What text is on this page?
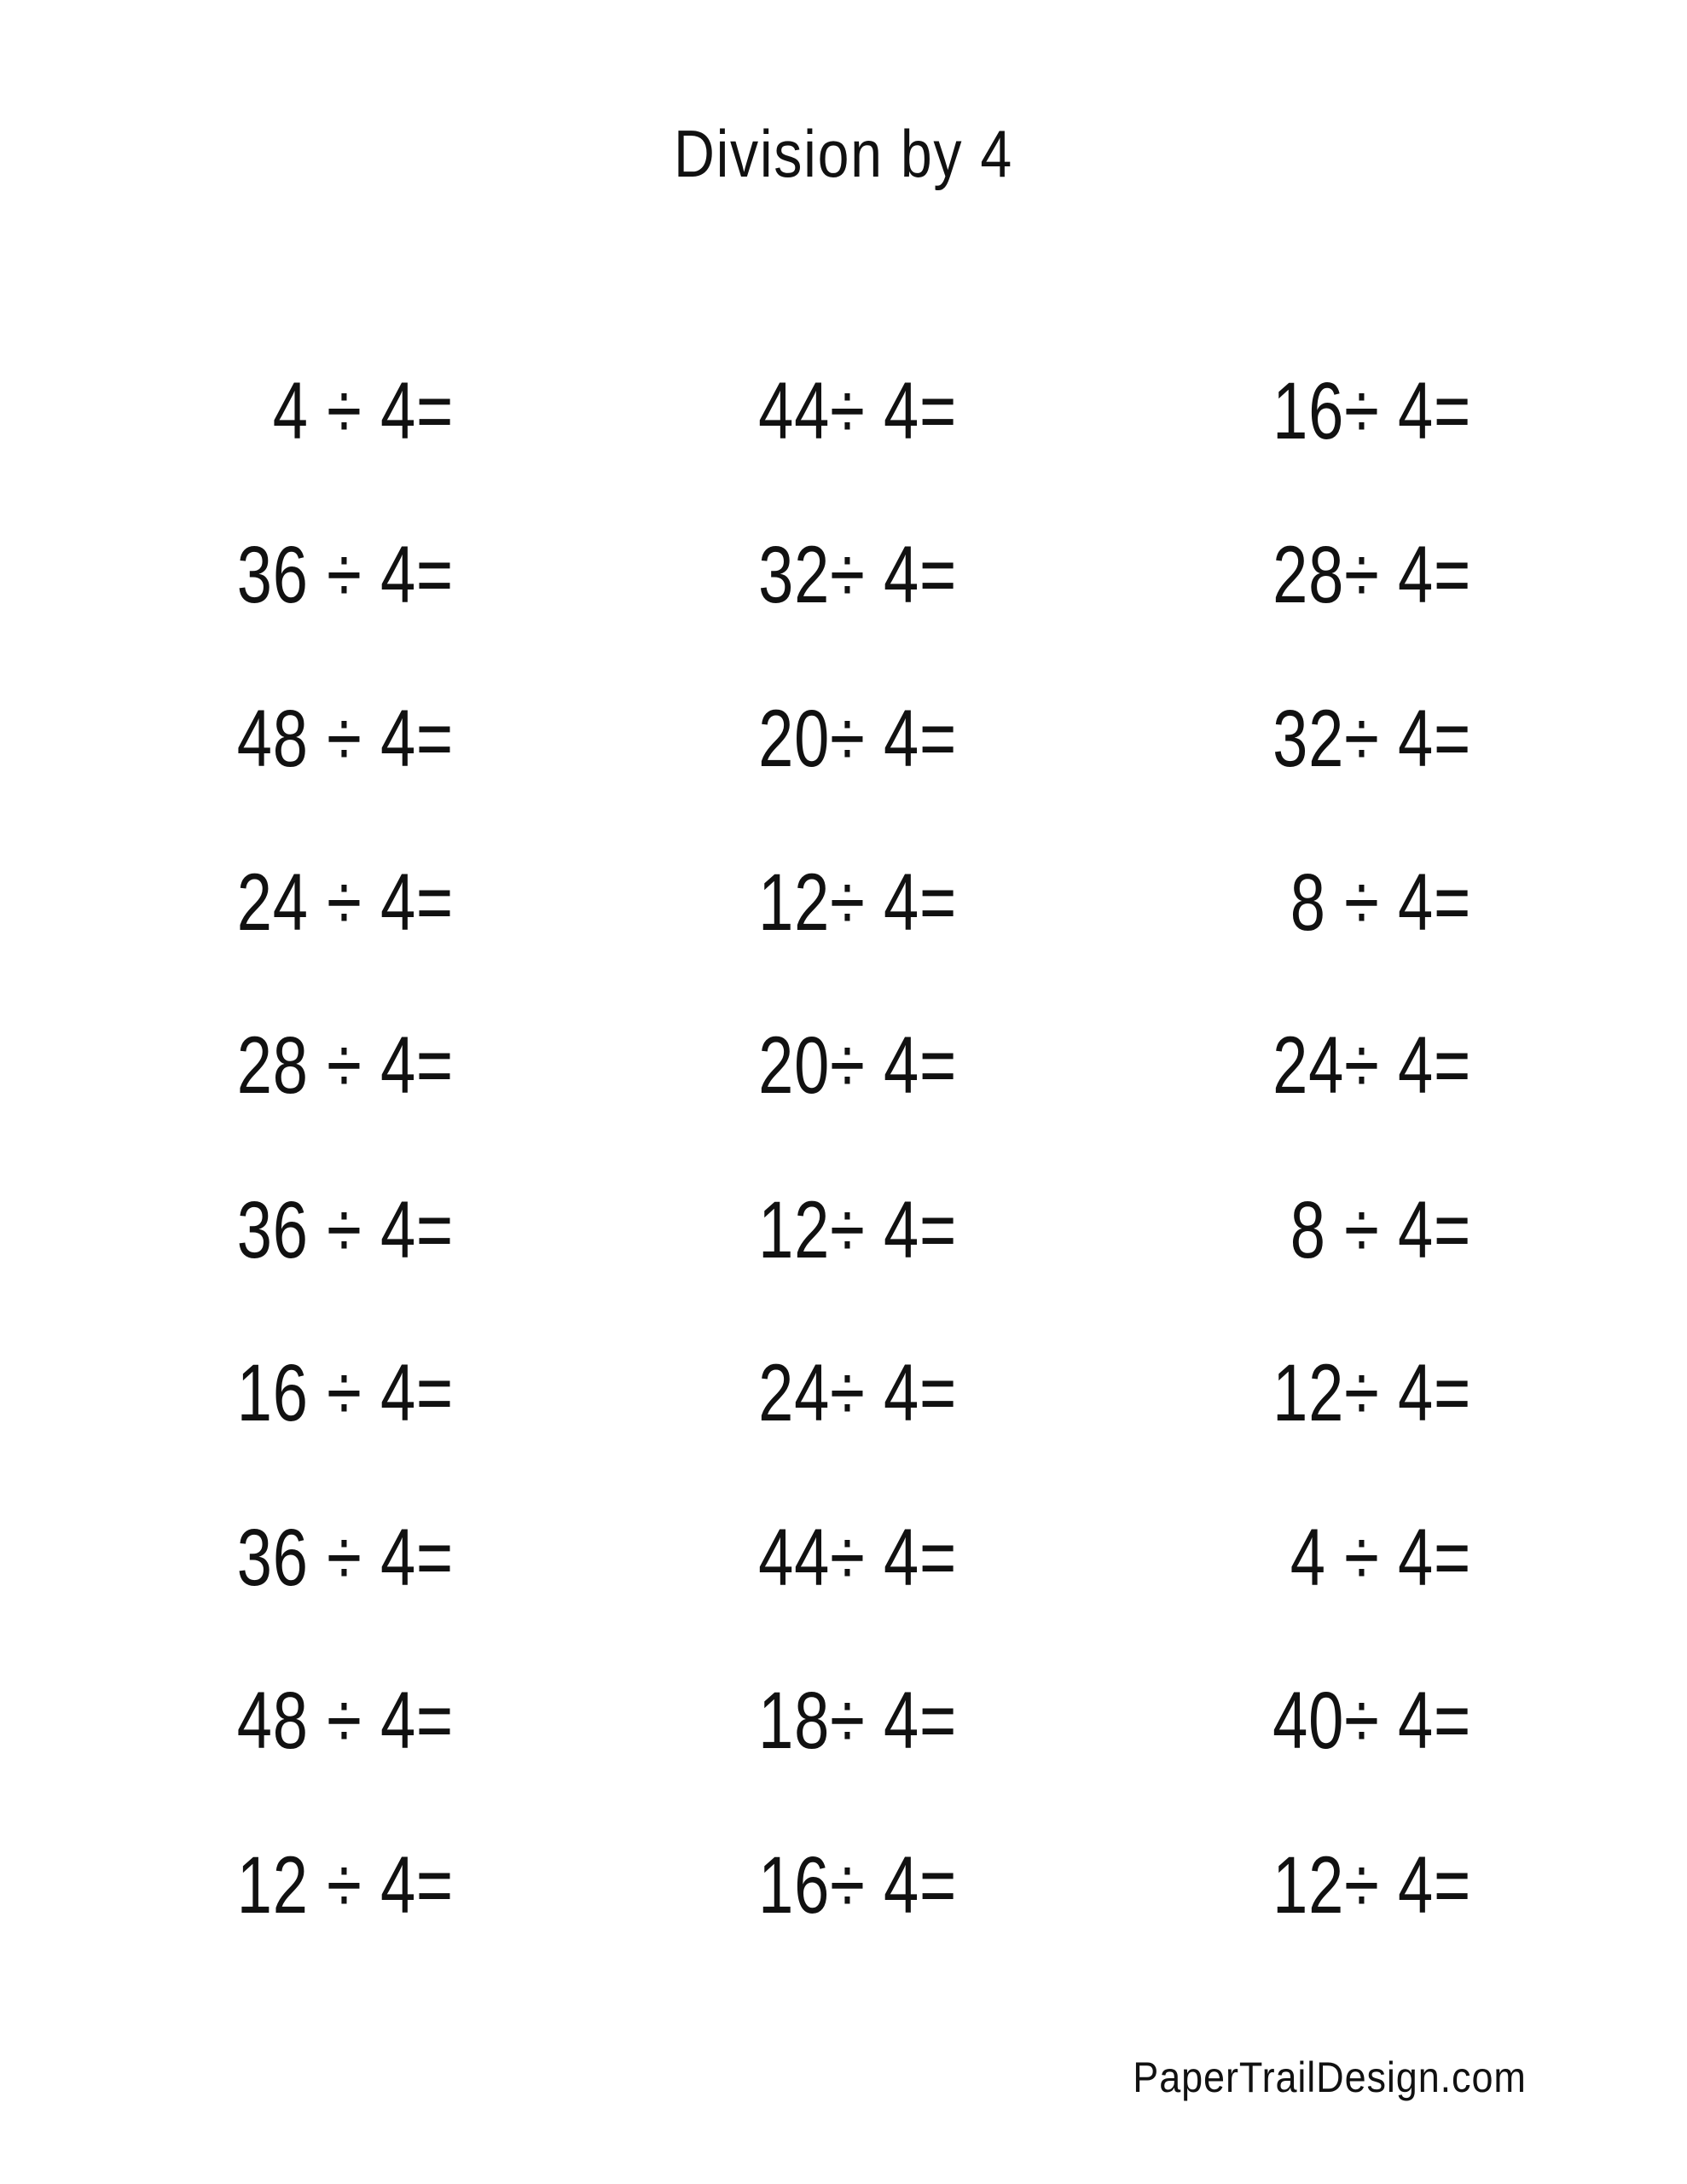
Division by 4
4 ÷ 4=	44÷ 4=	16÷ 4=
36 ÷ 4=	32÷ 4=	28÷ 4=
48 ÷ 4=	20÷ 4=	32÷ 4=
24 ÷ 4=	12÷ 4=	8 ÷ 4=
28 ÷ 4=	20÷ 4=	24÷ 4=
36 ÷ 4=	12÷ 4=	8 ÷ 4=
16 ÷ 4=	24÷ 4=	12÷ 4=
36 ÷ 4=	44÷ 4=	4 ÷ 4=
48 ÷ 4=	18÷ 4=	40÷ 4=
12 ÷ 4=	16÷ 4=	12÷ 4=
PaperTrailDesign.com
